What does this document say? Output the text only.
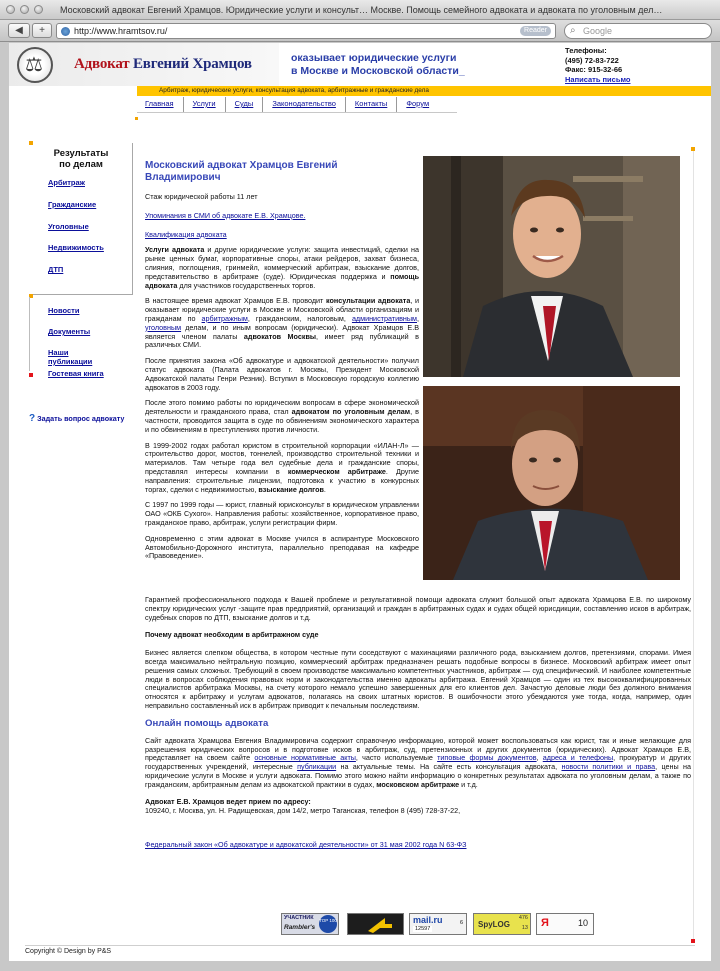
Московский адвокат Евгений Храмцов. Юридические услуги и консульт… Москве. Помощь семейного адвоката и адвоката по уголовным дел…
◀	+	http://www.hramtsov.ru/	Reader	⌕ Google
⚖ Адвокат Евгений Храмцов	оказывает юридические услуги
в Москве и Московской области_
Телефоны:
(495) 72-83-722
Факс: 915-32-66
Написать письмо
Арбитраж, юридические услуги, консультация адвоката, арбитражные и гражданские дела
Главная	Услуги	Суды	Законодательство	Контакты	Форум
Результаты
по делам
Арбитраж
Гражданские
Уголовные
Недвижимость
ДТП
Новости
Документы
Наши
публикации
Гостевая книга
? Задать вопрос адвокату
Московский адвокат Храмцов Евгений
Владимирович
Стаж юридической работы 11 лет
Упоминания в СМИ об адвокате Е.В. Храмцове.
Квалификация адвоката
Услуги адвоката и другие юридические услуги: защита инвестиций, сделки на рынке ценных бумаг, корпоративные споры, атаки рейдеров, захват бизнеса, слияния, поглощения, гринмейл, коммерческий арбитраж, взыскание долгов, представительство в арбитраже (суде). Юридическая поддержка и помощь адвоката для участников государственных торгов.
В настоящее время адвокат Храмцов Е.В. проводит консультации адвоката, и оказывает юридические услуги в Москве и Московской области организациям и гражданам по арбитражным, гражданским, налоговым, административным, уголовным делам, и по иным вопросам (юридически). Адвокат Храмцов Е.В является членом палаты адвокатов Москвы, имеет ряд публикаций в различных СМИ.
После принятия закона «Об адвокатуре и адвокатской деятельности» получил статус адвоката (Палата адвокатов г. Москвы, Президент Московской Адвокатской палаты Генри Резник). Вступил в Московскую городскую коллегию адвокатов в 2003 году.
После этого помимо работы по юридическим вопросам в сфере экономической деятельности и гражданского права, стал адвокатом по уголовным делам, в частности, проводится защита в суде по обвинениям экономического характера и по обвинениям в преступлениях против личности.
В 1999-2002 годах работал юристом в строительной корпорации «ИЛАН-Л» — строительство дорог, мостов, тоннелей, производство строительной техники и материалов. Там четыре года вел судебные дела и гражданские споры, представлял интересы компании в коммерческом арбитраже. Другие направления: строительные лицензии, подготовка к участию в конкурсных торгах, сделки с недвижимостью, взыскание долгов.
С 1997 по 1999 годы — юрист, главный юрисконсульт в юридическом управлении ОАО «ОКБ Сухого». Направления работы: хозяйственное, корпоративное право, гражданское право, арбитраж, услуги регистрации фирм.
Одновременно с этим адвокат в Москве учился в аспирантуре Московского Автомобильно-Дорожного института, параллельно преподавая на кафедре «Правоведение».
Гарантией профессионального подхода к Вашей проблеме и результативной помощи адвоката служит большой опыт адвоката Храмцова Е.В. по широкому спектру юридических услуг -защите прав предприятий, организаций и граждан в арбитражных судах и судах общей юрисдикции, составлению исков в арбитраж, судебных споров по ДТП, взыскание долгов и т.д.
Почему адвокат необходим в арбитражном суде
Бизнес является слепком общества, в котором честные пути соседствуют с махинациями различного рода, взысканием долгов, претензиями, спорами. Имея всегда максимально нейтральную позицию, коммерческий арбитраж предназначен решать подобные вопросы в бизнесе. Московский арбитраж имеет опыт решения самых сложных. Требующий в своем производстве максимально компетентных участников, арбитраж — суд специфический. И наиболее компетентные люди в вопросах соблюдения правовых норм и законодательства именно адвокаты арбитража. Евгений Храмцов — один из тех высококвалифицированных специалистов арбитража Москвы, на счету которого немало успешно завершенных для его клиентов дел. Зачастую деловые люди без должного внимания относятся к арбитражу и услугам адвокатов, полагаясь на своих штатных юристов. В ошибочности этого убеждаются уже тогда, когда, например, один неправильно составленный иск в арбитраж приводит к печальным последствиям.
Онлайн помощь адвоката
Сайт адвоката Храмцова Евгения Владимировича содержит справочную информацию, которой может воспользоваться как юрист, так и иные желающие для разрешения юридических вопросов и в подготовке исков в арбитраж, суд, претензионных и других документов (юридических). Адвокат Храмцов Е.В, представляет на своем сайте основные нормативные акты, часто используемые типовые формы документов, адреса и телефоны, прокуратур и других государственных учреждений, интересные публикации на актуальные темы. На сайте есть консультация адвоката, новости политики и права, цены на юридические услуги в Москве и услуги адвоката. Помимо этого можно найти информацию о конкретных результатах адвоката по уголовным делам, а также по гражданским, арбитражным делам из адвокатской практики в судах, московском арбитраже и т.д.
Адвокат Е.В. Храмцов ведет прием по адресу:
109240, г. Москва, ул. Н. Радищевская, дом 14/2, метро Таганская, телефон 8 (495) 728-37-22,
Федеральный закон «Об адвокатуре и адвокатской деятельности» от 31 мая 2002 года N 63-ФЗ
УЧАСТНИК
Rambler's
TOP 100	mail.ru
12597
6 SpyLOG
476
13 Я	10
Copyright © Design by P&S
